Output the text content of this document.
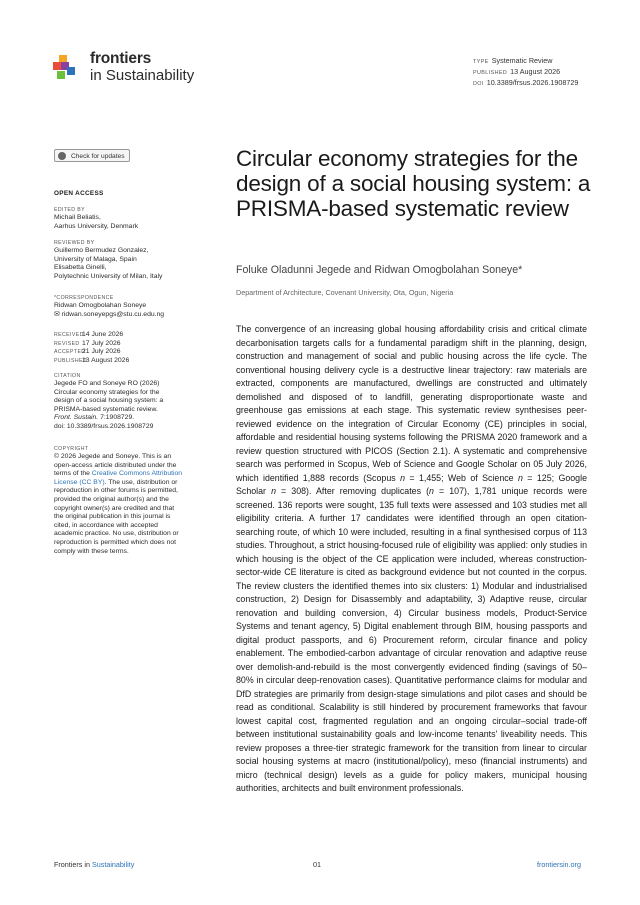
frontiers
in Sustainability
TYPE Systematic Review
PUBLISHED 13 August 2026
DOI 10.3389/frsus.2026.1908729
Check for updates
OPEN ACCESS
EDITED BY
Michail Beliatis,
Aarhus University, Denmark
REVIEWED BY
Guillermo Bermudez Gonzalez,
University of Malaga, Spain
Elisabetta Ginelli,
Polytechnic University of Milan, Italy
*CORRESPONDENCE
Ridwan Omogbolahan Soneye
✉ ridwan.soneyepgs@stu.cu.edu.ng
RECEIVED14 June 2026
REVISED 17 July 2026
ACCEPTED21 July 2026
PUBLISHED13 August 2026
CITATION
Jegede FO and Soneye RO (2026)
Circular economy strategies for the
design of a social housing system: a
PRISMA-based systematic review.
Front. Sustain. 7:1908729.
doi: 10.3389/frsus.2026.1908729
COPYRIGHT
© 2026 Jegede and Soneye. This is an open-access article distributed under the terms of the Creative Commons Attribution License (CC BY). The use, distribution or reproduction in other forums is permitted, provided the original author(s) and the copyright owner(s) are credited and that the original publication in this journal is cited, in accordance with accepted academic practice. No use, distribution or reproduction is permitted which does not comply with these terms.
Circular economy strategies for the design of a social housing system: a PRISMA-based systematic review
Foluke Oladunni Jegede and Ridwan Omogbolahan Soneye*
Department of Architecture, Covenant University, Ota, Ogun, Nigeria
The convergence of an increasing global housing affordability crisis and critical climate decarbonisation targets calls for a fundamental paradigm shift in the planning, design, construction and management of social and public housing across the life cycle. The conventional housing delivery cycle is a destructive linear trajectory: raw materials are extracted, components are manufactured, dwellings are constructed and ultimately demolished and disposed of to landfill, generating disproportionate waste and greenhouse gas emissions at each stage. This systematic review synthesises peer-reviewed evidence on the integration of Circular Economy (CE) principles in social, affordable and residential housing systems following the PRISMA 2020 framework and a review question structured with PICOS (Section 2.1). A systematic and comprehensive search was performed in Scopus, Web of Science and Google Scholar on 05 July 2026, which identified 1,888 records (Scopus n = 1,455; Web of Science n = 125; Google Scholar n = 308). After removing duplicates (n = 107), 1,781 unique records were screened. 136 reports were sought, 135 full texts were assessed and 103 studies met all eligibility criteria. A further 17 candidates were identified through an open citation-searching route, of which 10 were included, resulting in a final synthesised corpus of 113 studies. Throughout, a strict housing-focused rule of eligibility was applied: only studies in which housing is the object of the CE application were included, whereas construction-sector-wide CE literature is cited as background evidence but not counted in the corpus. The review clusters the identified themes into six clusters: 1) Modular and industrialised construction, 2) Design for Disassembly and adaptability, 3) Adaptive reuse, circular renovation and building conversion, 4) Circular business models, Product-Service Systems and tenant agency, 5) Digital enablement through BIM, housing passports and digital product passports, and 6) Procurement reform, circular finance and policy enablement. The embodied-carbon advantage of circular renovation and adaptive reuse over demolish-and-rebuild is the most convergently evidenced finding (savings of 50–80% in circular deep-renovation cases). Quantitative performance claims for modular and DfD strategies are primarily from design-stage simulations and pilot cases and should be read as conditional. Scalability is still hindered by procurement frameworks that favour lowest capital cost, fragmented regulation and an ongoing circular–social trade-off between institutional sustainability goals and low-income tenants' liveability needs. This review proposes a three-tier strategic framework for the transition from linear to circular social housing systems at macro (institutional/policy), meso (financial instruments) and micro (technical design) levels as a guide for policy makers, municipal housing authorities, architects and built environment professionals.
Frontiers in Sustainability	01	frontiersin.org
